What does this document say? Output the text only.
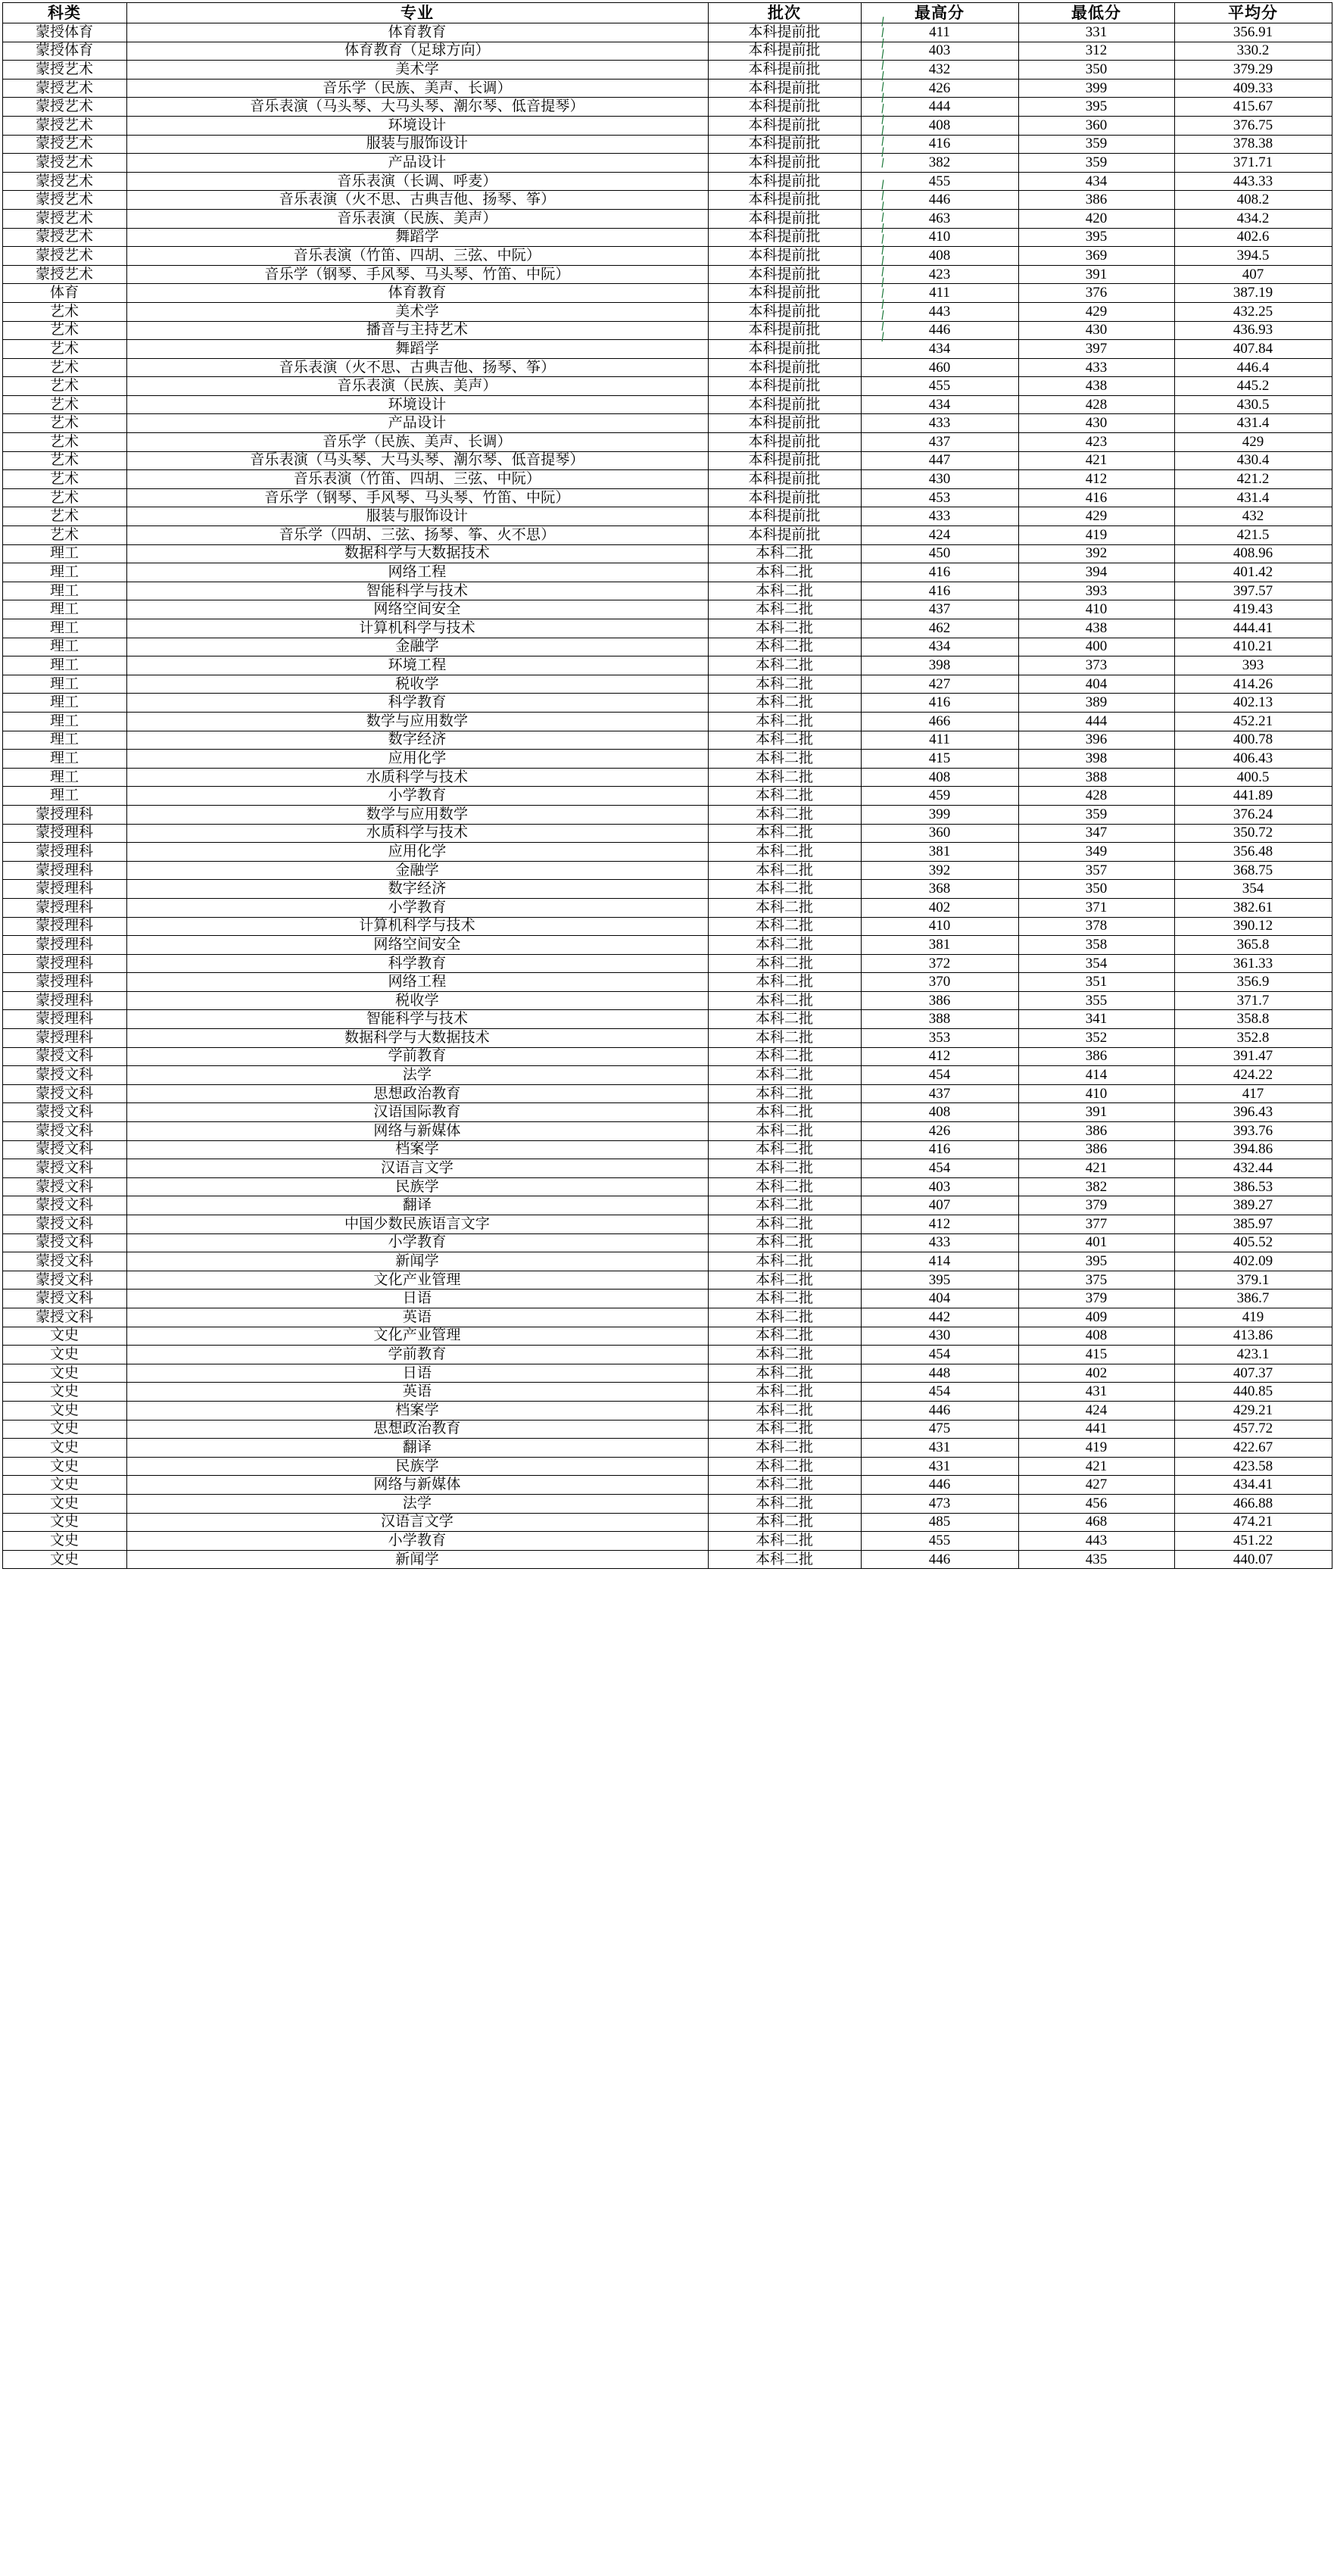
科类	专业	批次	最高分	最低分	平均分
蒙授体育	体育教育	本科提前批	411	331	356.91
蒙授体育	体育教育（足球方向）	本科提前批	403	312	330.2
蒙授艺术	美术学	本科提前批	432	350	379.29
蒙授艺术	音乐学（民族、美声、长调）	本科提前批	426	399	409.33
蒙授艺术	音乐表演（马头琴、大马头琴、潮尔琴、低音提琴）	本科提前批	444	395	415.67
蒙授艺术	环境设计	本科提前批	408	360	376.75
蒙授艺术	服装与服饰设计	本科提前批	416	359	378.38
蒙授艺术	产品设计	本科提前批	382	359	371.71
蒙授艺术	音乐表演（长调、呼麦）	本科提前批	455	434	443.33
蒙授艺术	音乐表演（火不思、古典吉他、扬琴、筝）	本科提前批	446	386	408.2
蒙授艺术	音乐表演（民族、美声）	本科提前批	463	420	434.2
蒙授艺术	舞蹈学	本科提前批	410	395	402.6
蒙授艺术	音乐表演（竹笛、四胡、三弦、中阮）	本科提前批	408	369	394.5
蒙授艺术	音乐学（钢琴、手风琴、马头琴、竹笛、中阮）	本科提前批	423	391	407
体育	体育教育	本科提前批	411	376	387.19
艺术	美术学	本科提前批	443	429	432.25
艺术	播音与主持艺术	本科提前批	446	430	436.93
艺术	舞蹈学	本科提前批	434	397	407.84
艺术	音乐表演（火不思、古典吉他、扬琴、筝）	本科提前批	460	433	446.4
艺术	音乐表演（民族、美声）	本科提前批	455	438	445.2
艺术	环境设计	本科提前批	434	428	430.5
艺术	产品设计	本科提前批	433	430	431.4
艺术	音乐学（民族、美声、长调）	本科提前批	437	423	429
艺术	音乐表演（马头琴、大马头琴、潮尔琴、低音提琴）	本科提前批	447	421	430.4
艺术	音乐表演（竹笛、四胡、三弦、中阮）	本科提前批	430	412	421.2
艺术	音乐学（钢琴、手风琴、马头琴、竹笛、中阮）	本科提前批	453	416	431.4
艺术	服装与服饰设计	本科提前批	433	429	432
艺术	音乐学（四胡、三弦、扬琴、筝、火不思）	本科提前批	424	419	421.5
理工	数据科学与大数据技术	本科二批	450	392	408.96
理工	网络工程	本科二批	416	394	401.42
理工	智能科学与技术	本科二批	416	393	397.57
理工	网络空间安全	本科二批	437	410	419.43
理工	计算机科学与技术	本科二批	462	438	444.41
理工	金融学	本科二批	434	400	410.21
理工	环境工程	本科二批	398	373	393
理工	税收学	本科二批	427	404	414.26
理工	科学教育	本科二批	416	389	402.13
理工	数学与应用数学	本科二批	466	444	452.21
理工	数字经济	本科二批	411	396	400.78
理工	应用化学	本科二批	415	398	406.43
理工	水质科学与技术	本科二批	408	388	400.5
理工	小学教育	本科二批	459	428	441.89
蒙授理科	数学与应用数学	本科二批	399	359	376.24
蒙授理科	水质科学与技术	本科二批	360	347	350.72
蒙授理科	应用化学	本科二批	381	349	356.48
蒙授理科	金融学	本科二批	392	357	368.75
蒙授理科	数字经济	本科二批	368	350	354
蒙授理科	小学教育	本科二批	402	371	382.61
蒙授理科	计算机科学与技术	本科二批	410	378	390.12
蒙授理科	网络空间安全	本科二批	381	358	365.8
蒙授理科	科学教育	本科二批	372	354	361.33
蒙授理科	网络工程	本科二批	370	351	356.9
蒙授理科	税收学	本科二批	386	355	371.7
蒙授理科	智能科学与技术	本科二批	388	341	358.8
蒙授理科	数据科学与大数据技术	本科二批	353	352	352.8
蒙授文科	学前教育	本科二批	412	386	391.47
蒙授文科	法学	本科二批	454	414	424.22
蒙授文科	思想政治教育	本科二批	437	410	417
蒙授文科	汉语国际教育	本科二批	408	391	396.43
蒙授文科	网络与新媒体	本科二批	426	386	393.76
蒙授文科	档案学	本科二批	416	386	394.86
蒙授文科	汉语言文学	本科二批	454	421	432.44
蒙授文科	民族学	本科二批	403	382	386.53
蒙授文科	翻译	本科二批	407	379	389.27
蒙授文科	中国少数民族语言文字	本科二批	412	377	385.97
蒙授文科	小学教育	本科二批	433	401	405.52
蒙授文科	新闻学	本科二批	414	395	402.09
蒙授文科	文化产业管理	本科二批	395	375	379.1
蒙授文科	日语	本科二批	404	379	386.7
蒙授文科	英语	本科二批	442	409	419
文史	文化产业管理	本科二批	430	408	413.86
文史	学前教育	本科二批	454	415	423.1
文史	日语	本科二批	448	402	407.37
文史	英语	本科二批	454	431	440.85
文史	档案学	本科二批	446	424	429.21
文史	思想政治教育	本科二批	475	441	457.72
文史	翻译	本科二批	431	419	422.67
文史	民族学	本科二批	431	421	423.58
文史	网络与新媒体	本科二批	446	427	434.41
文史	法学	本科二批	473	456	466.88
文史	汉语言文学	本科二批	485	468	474.21
文史	小学教育	本科二批	455	443	451.22
文史	新闻学	本科二批	446	435	440.07
